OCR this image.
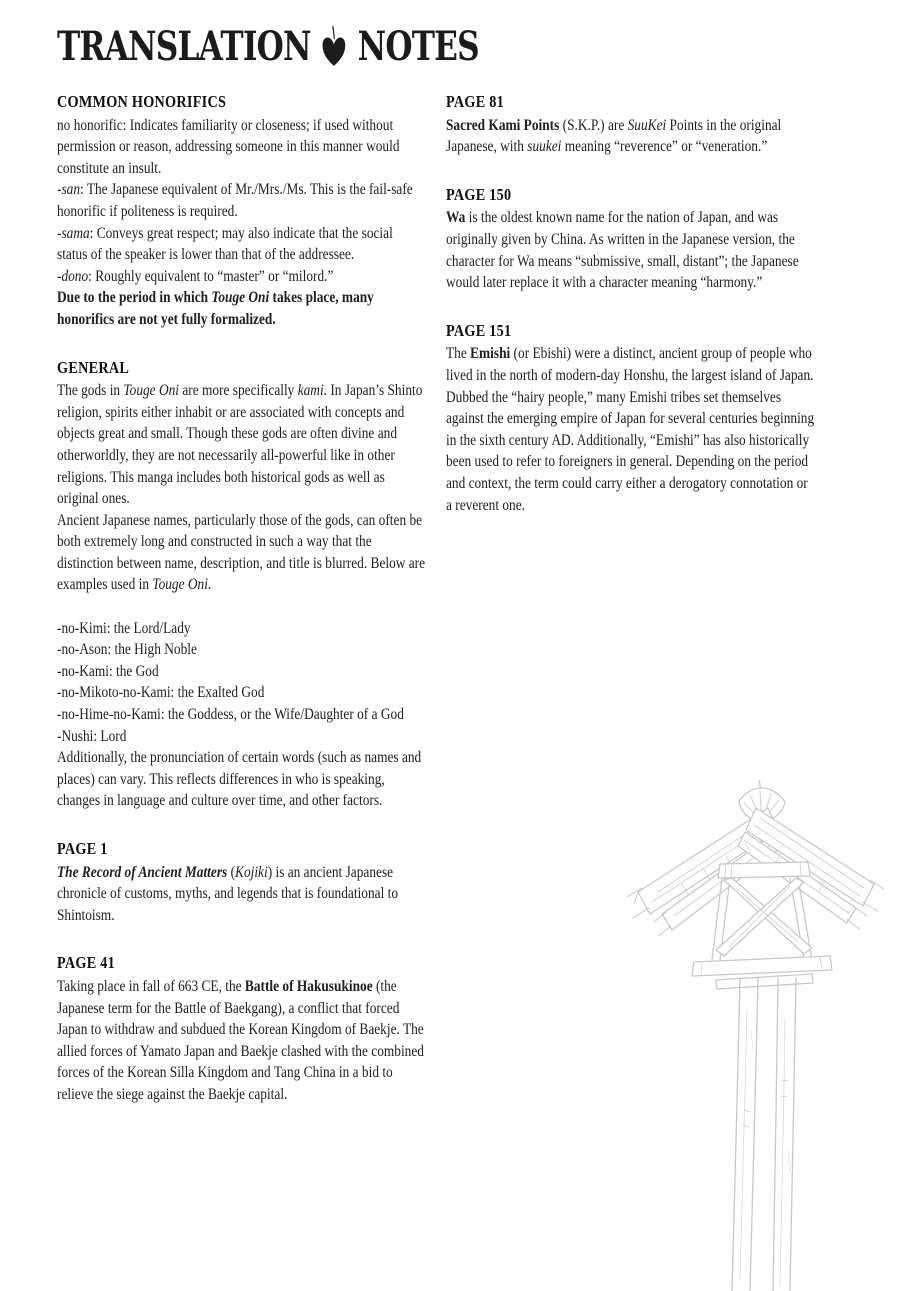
TRANSLATION NOTES
COMMON HONORIFICS

no honorific: Indicates familiarity or closeness; if used without permission or reason, addressing someone in this manner would constitute an insult.

-san: The Japanese equivalent of Mr./Mrs./Ms. This is the fail-safe honorific if politeness is required.

-sama: Conveys great respect; may also indicate that the social status of the speaker is lower than that of the addressee.

-dono: Roughly equivalent to “master” or “milord.”

Due to the period in which Touge Oni takes place, many honorifics are not yet fully formalized.

GENERAL

The gods in Touge Oni are more specifically kami. In Japan’s Shinto religion, spirits either inhabit or are associated with concepts and objects great and small. Though these gods are often divine and otherworldly, they are not necessarily all-powerful like in other religions. This manga includes both historical gods as well as original ones.

Ancient Japanese names, particularly those of the gods, can often be both extremely long and constructed in such a way that the distinction between name, description, and title is blurred. Below are examples used in Touge Oni.

-no-Kimi: the Lord/Lady
-no-Ason: the High Noble
-no-Kami: the God
-no-Mikoto-no-Kami: the Exalted God
-no-Hime-no-Kami: the Goddess, or the Wife/Daughter of a God
-Nushi: Lord

Additionally, the pronunciation of certain words (such as names and places) can vary. This reflects differences in who is speaking, changes in language and culture over time, and other factors.

PAGE 1

The Record of Ancient Matters (Kojiki) is an ancient Japanese chronicle of customs, myths, and legends that is foundational to Shintoism.

PAGE 41

Taking place in fall of 663 CE, the Battle of Hakusukinoe (the Japanese term for the Battle of Baekgang), a conflict that forced Japan to withdraw and subdued the Korean Kingdom of Baekje. The allied forces of Yamato Japan and Baekje clashed with the combined forces of the Korean Silla Kingdom and Tang China in a bid to relieve the siege against the Baekje capital.

PAGE 81

Sacred Kami Points (S.K.P.) are SuuKei Points in the original Japanese, with suukei meaning “reverence” or “veneration.”

PAGE 150

Wa is the oldest known name for the nation of Japan, and was originally given by China. As written in the Japanese version, the character for Wa means “submissive, small, distant”; the Japanese would later replace it with a character meaning “harmony.”

PAGE 151

The Emishi (or Ebishi) were a distinct, ancient group of people who lived in the north of modern-day Honshu, the largest island of Japan. Dubbed the “hairy people,” many Emishi tribes set themselves against the emerging empire of Japan for several centuries beginning in the sixth century AD. Additionally, “Emishi” has also historically been used to refer to foreigners in general. Depending on the period and context, the term could carry either a derogatory connotation or a reverent one.
